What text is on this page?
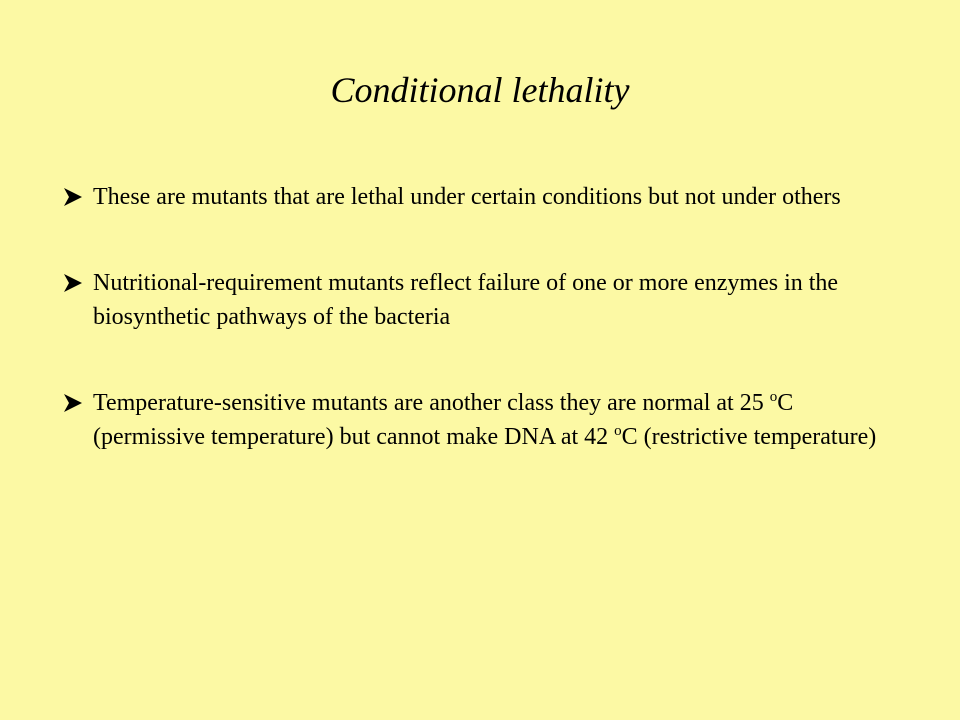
Conditional lethality
These are mutants that are lethal under certain conditions but not under others
Nutritional-requirement mutants reflect failure of one or more enzymes in the biosynthetic pathways of the bacteria
Temperature-sensitive mutants are another class they are normal at 25 $^o$C (permissive temperature) but cannot make DNA at 42 $^o$C (restrictive temperature)
